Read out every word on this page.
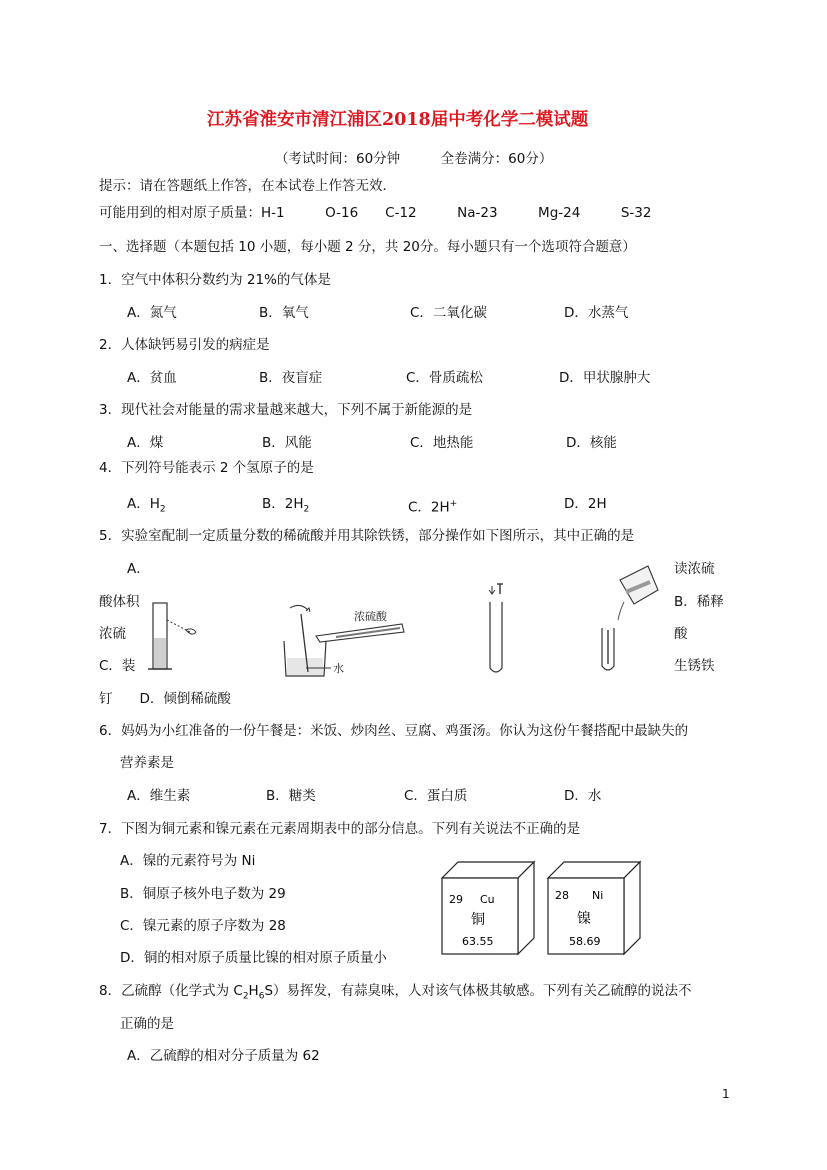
江苏省淮安市清江浦区2018届中考化学二模试题
（考试时间：60分钟　　　全卷满分：60分）
提示：请在答题纸上作答，在本试卷上作答无效．
可能用到的相对原子质量：H-1　　　O-16　　C-12　　　Na-23　　　Mg-24　　　S-32
一、选择题（本题包括 10 小题，每小题 2 分，共 20分。每小题只有一个选项符合题意）
1．空气中体积分数约为 21%的气体是
A．氮气	B．氧气	C．二氧化碳	D．水蒸气
2．人体缺钙易引发的病症是
A．贫血	B．夜盲症	C．骨质疏松	D．甲状腺肿大
3．现代社会对能量的需求量越来越大，下列不属于新能源的是
A．煤	B．风能	C．地热能	D．核能
4．下列符号能表示 2 个氢原子的是
A．$H_2$	B．$2H_2$	C．2H+	D．2H
5．实验室配制一定质量分数的稀硫酸并用其除铁锈，部分操作如下图所示，其中正确的是
A．
酸体积
浓硫
C．装
钉　　D．倾倒稀硫酸
读浓硫
B．稀释
酸
生锈铁
浓硫酸
水
6．妈妈为小红准备的一份午餐是：米饭、炒肉丝、豆腐、鸡蛋汤。你认为这份午餐搭配中最缺失的
营养素是
A．维生素	B．糖类	C．蛋白质	D．水
7．下图为铜元素和镍元素在元素周期表中的部分信息。下列有关说法不正确的是
A．镍的元素符号为 Ni
B．铜原子核外电子数为 29
C．镍元素的原子序数为 28
D．铜的相对原子质量比镍的相对原子质量小
29 Cu
铜
63.55
28 Ni
镍
58.69
8．乙硫醇（化学式为 $C_2H_6S$）易挥发，有蒜臭味，人对该气体极其敏感。下列有关乙硫醇的说法不
正确的是
A．乙硫醇的相对分子质量为 62
1
